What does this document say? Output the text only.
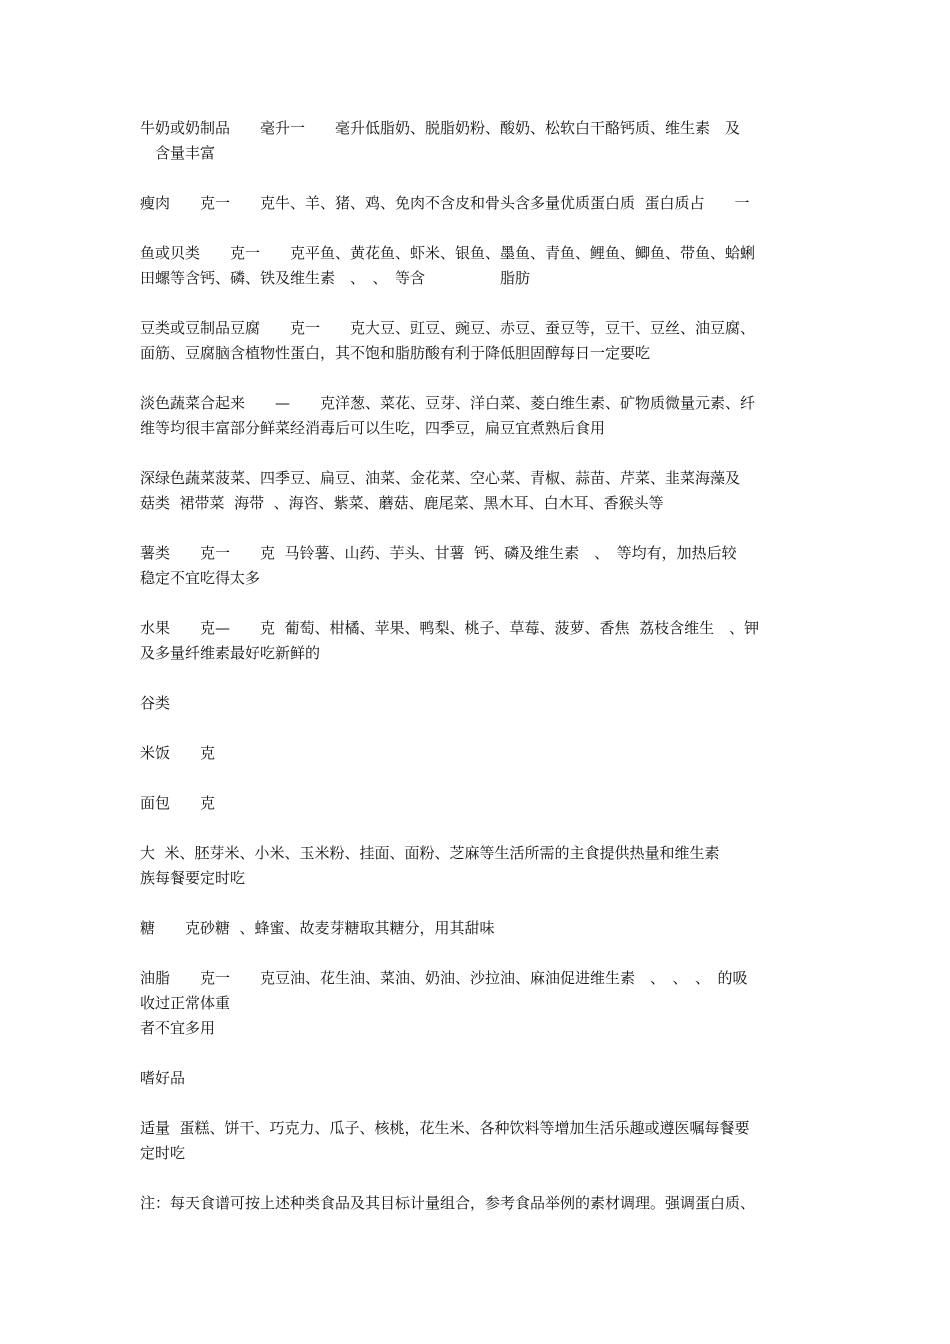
牛奶或奶制品　　毫升一　　毫升低脂奶、脱脂奶粉、酸奶、松软白干酪钙质、维生素　及
　含量丰富
瘦肉　　克一　　克牛、羊、猪、鸡、免肉不含皮和骨头含多量优质蛋白质  蛋白质占　　一
鱼或贝类　　克一　　克平鱼、黄花鱼、虾米、银鱼、墨鱼、青鱼、鲤鱼、鲫鱼、带鱼、蛤蜊
田螺等含钙、磷、铁及维生素　、　、　等含　　　　　脂肪
豆类或豆制品豆腐　　克一　　克大豆、豇豆、豌豆、赤豆、蚕豆等，豆干、豆丝、油豆腐、
面筋、豆腐脑含植物性蛋白，其不饱和脂肪酸有利于降低胆固醇每日一定要吃
淡色蔬菜合起来　　—　　克洋葱、菜花、豆芽、洋白菜、菱白维生素、矿物质微量元素、纤
维等均很丰富部分鲜菜经消毒后可以生吃，四季豆，扁豆宜煮熟后食用
深绿色蔬菜菠菜、四季豆、扁豆、油菜、金花菜、空心菜、青椒、蒜苗、芹菜、韭菜海藻及
菇类  裙带菜  海带  、海咨、紫菜、蘑菇、鹿尾菜、黑木耳、白木耳、香猴头等
薯类　　克一　　克  马铃薯、山药、芋头、甘薯  钙、磷及维生素　、　等均有，加热后较
稳定不宜吃得太多
水果　　克—　　克  葡萄、柑橘、苹果、鸭梨、桃子、草莓、菠萝、香焦  荔枝含维生　、钾
及多量纤维素最好吃新鲜的
谷类
米饭　　克
面包　　克
大  米、胚芽米、小米、玉米粉、挂面、面粉、芝麻等生活所需的主食提供热量和维生素
族每餐要定时吃
糖　　克砂糖  、蜂蜜、故麦芽糖取其糖分，用其甜味
油脂　　克一　　克豆油、花生油、菜油、奶油、沙拉油、麻油促进维生素　、　、　、　的吸
收过正常体重
者不宜多用
嗜好品
适量  蛋糕、饼干、巧克力、瓜子、核桃，花生米、各种饮料等增加生活乐趣或遵医嘱每餐要
定时吃
注：每天食谱可按上述种类食品及其目标计量组合，参考食品举例的素材调理。强调蛋白质、
